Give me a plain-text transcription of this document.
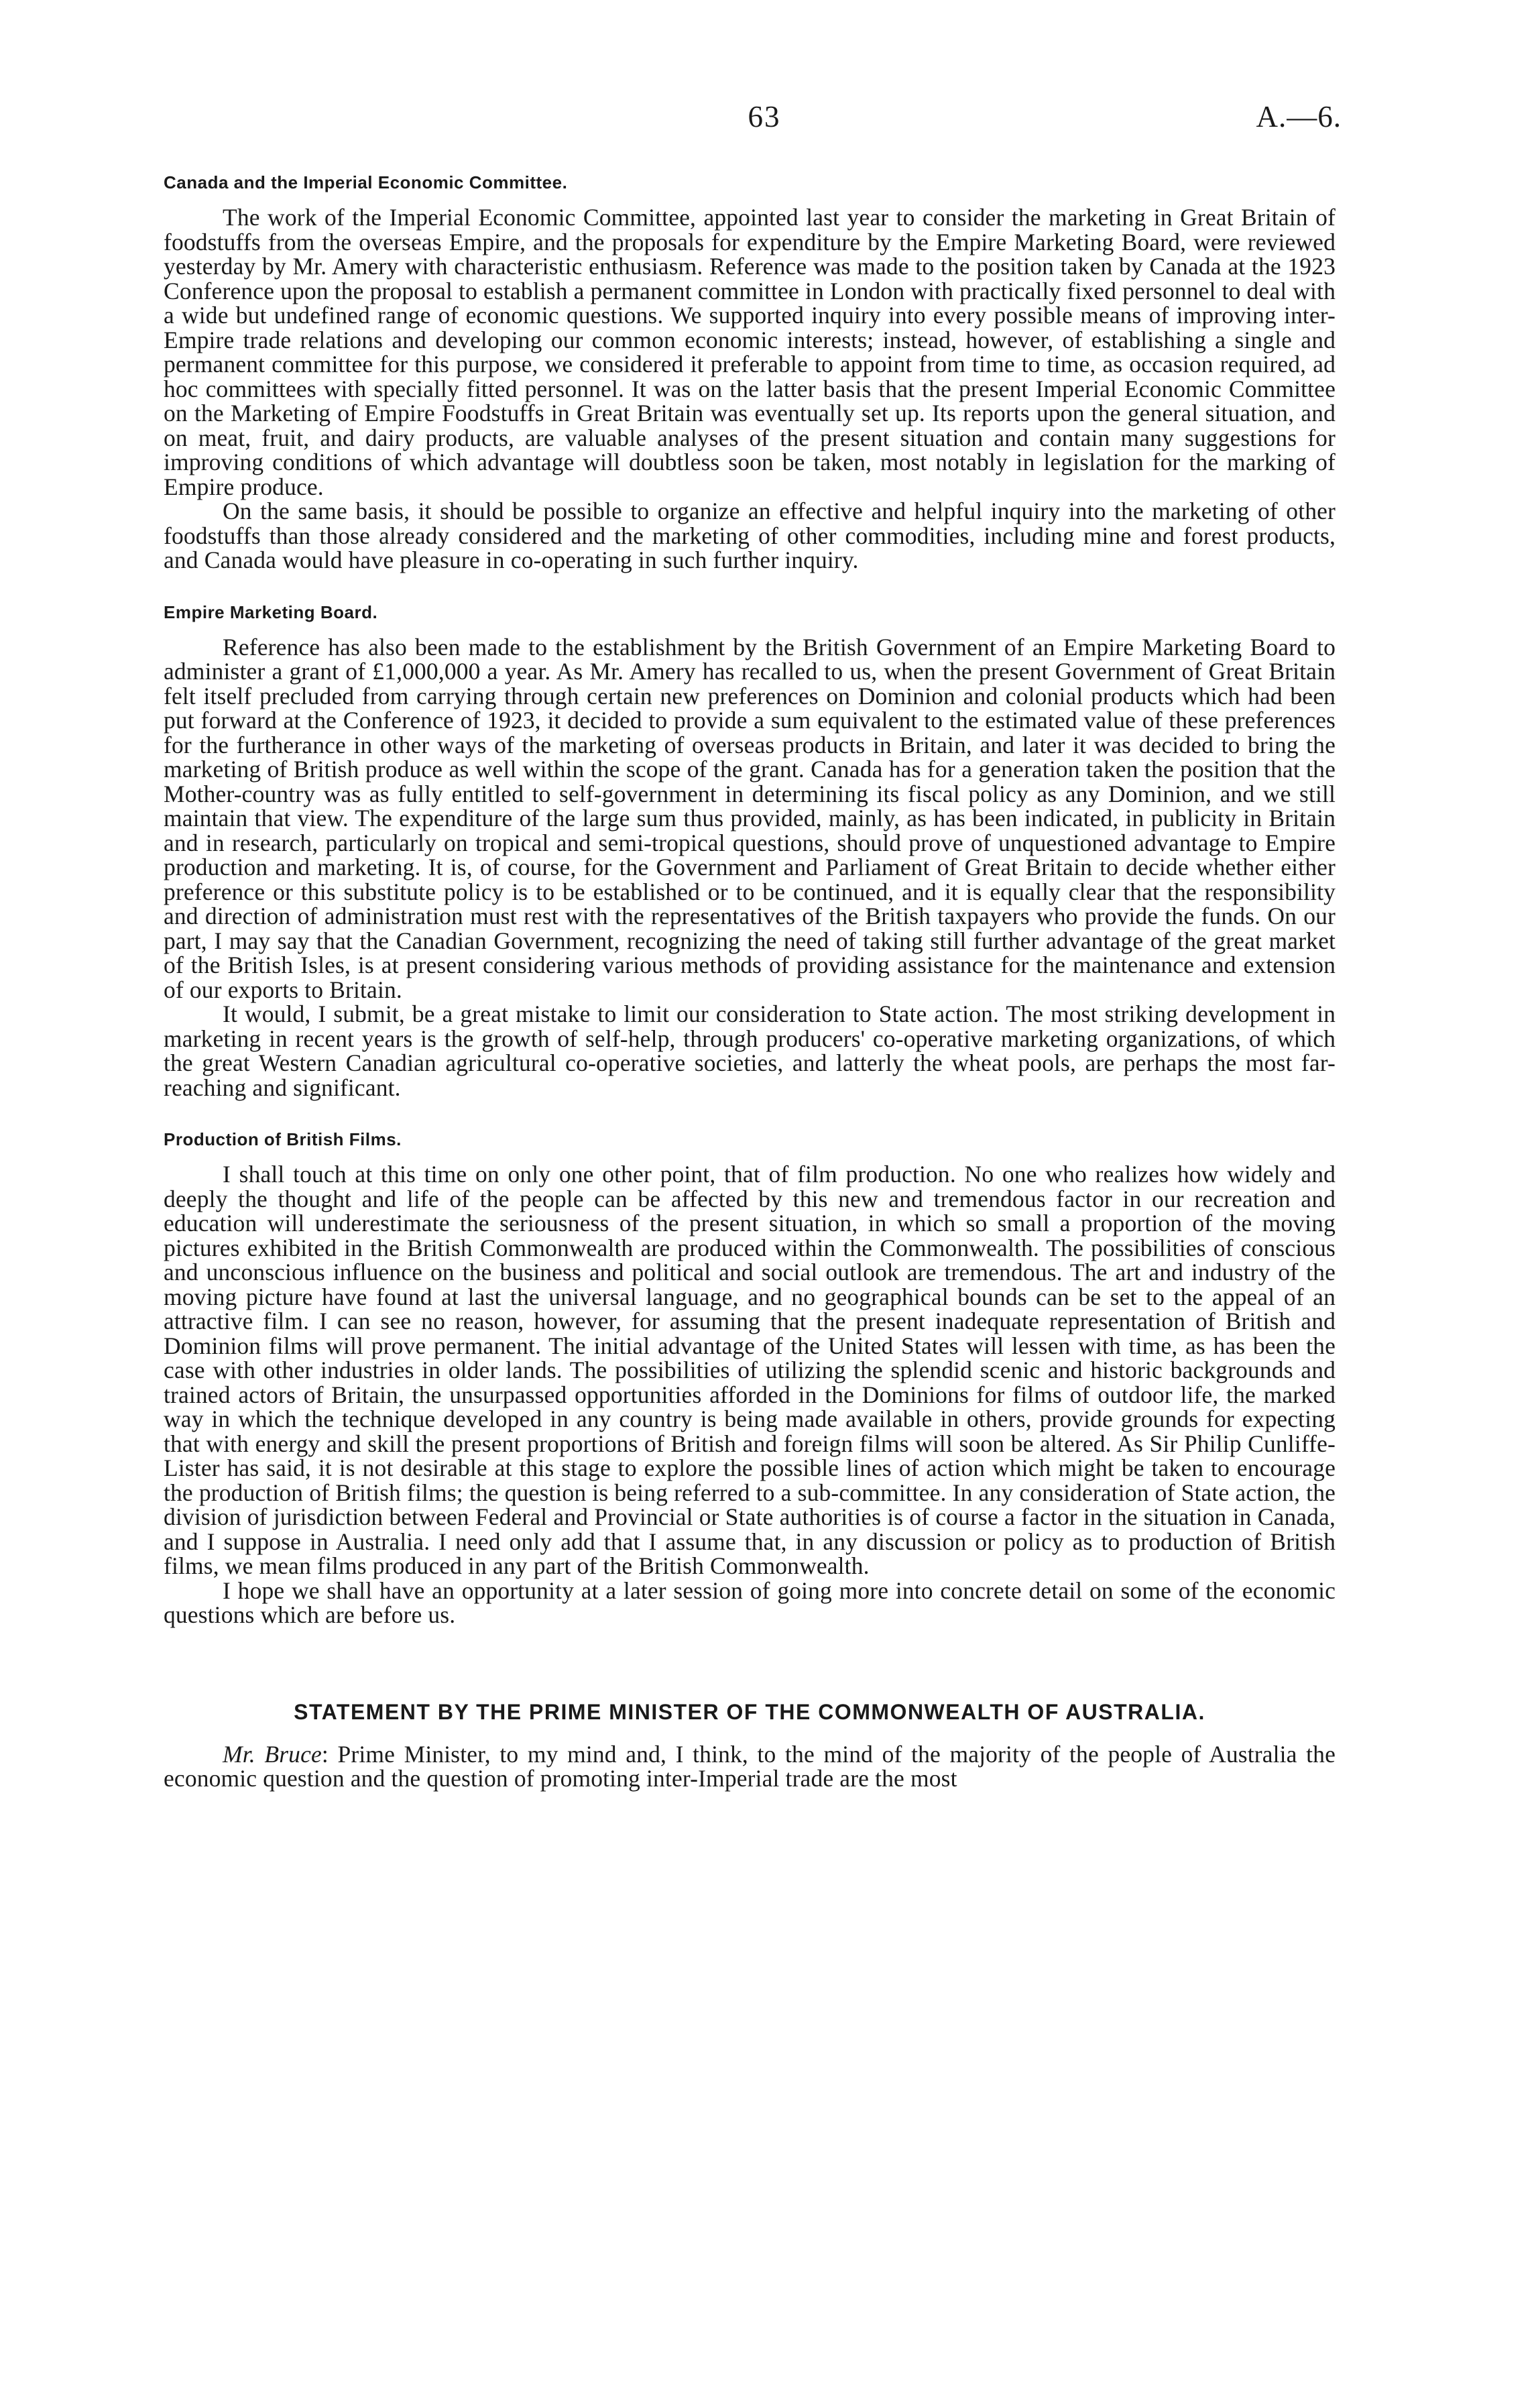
63	A.—6.
Canada and the Imperial Economic Committee.

The work of the Imperial Economic Committee, appointed last year to consider the marketing in Great Britain of foodstuffs from the overseas Empire, and the proposals for expenditure by the Empire Marketing Board, were reviewed yesterday by Mr. Amery with characteristic enthusiasm. Reference was made to the position taken by Canada at the 1923 Conference upon the proposal to establish a permanent committee in London with practically fixed personnel to deal with a wide but undefined range of economic questions. We supported inquiry into every possible means of improving inter-Empire trade relations and developing our common economic interests; instead, however, of establishing a single and permanent committee for this purpose, we considered it preferable to appoint from time to time, as occasion required, ad hoc committees with specially fitted personnel. It was on the latter basis that the present Imperial Economic Committee on the Marketing of Empire Foodstuffs in Great Britain was eventually set up. Its reports upon the general situation, and on meat, fruit, and dairy products, are valuable analyses of the present situation and contain many suggestions for improving conditions of which advantage will doubtless soon be taken, most notably in legislation for the marking of Empire produce.

On the same basis, it should be possible to organize an effective and helpful inquiry into the marketing of other foodstuffs than those already considered and the marketing of other commodities, including mine and forest products, and Canada would have pleasure in co-operating in such further inquiry.

Empire Marketing Board.

Reference has also been made to the establishment by the British Government of an Empire Marketing Board to administer a grant of £1,000,000 a year. As Mr. Amery has recalled to us, when the present Government of Great Britain felt itself precluded from carrying through certain new preferences on Dominion and colonial products which had been put forward at the Conference of 1923, it decided to provide a sum equivalent to the estimated value of these preferences for the furtherance in other ways of the marketing of overseas products in Britain, and later it was decided to bring the marketing of British produce as well within the scope of the grant. Canada has for a generation taken the position that the Mother-country was as fully entitled to self-government in determining its fiscal policy as any Dominion, and we still maintain that view. The expenditure of the large sum thus provided, mainly, as has been indicated, in publicity in Britain and in research, particularly on tropical and semi-tropical questions, should prove of unquestioned advantage to Empire production and marketing. It is, of course, for the Government and Parliament of Great Britain to decide whether either preference or this substitute policy is to be established or to be continued, and it is equally clear that the responsibility and direction of administration must rest with the representatives of the British taxpayers who provide the funds. On our part, I may say that the Canadian Government, recognizing the need of taking still further advantage of the great market of the British Isles, is at present considering various methods of providing assistance for the maintenance and extension of our exports to Britain.

It would, I submit, be a great mistake to limit our consideration to State action. The most striking development in marketing in recent years is the growth of self-help, through producers' co-operative marketing organizations, of which the great Western Canadian agricultural co-operative societies, and latterly the wheat pools, are perhaps the most far-reaching and significant.

Production of British Films.

I shall touch at this time on only one other point, that of film production. No one who realizes how widely and deeply the thought and life of the people can be affected by this new and tremendous factor in our recreation and education will underestimate the seriousness of the present situation, in which so small a proportion of the moving pictures exhibited in the British Commonwealth are produced within the Commonwealth. The possibilities of conscious and unconscious influence on the business and political and social outlook are tremendous. The art and industry of the moving picture have found at last the universal language, and no geographical bounds can be set to the appeal of an attractive film. I can see no reason, however, for assuming that the present inadequate representation of British and Dominion films will prove permanent. The initial advantage of the United States will lessen with time, as has been the case with other industries in older lands. The possibilities of utilizing the splendid scenic and historic backgrounds and trained actors of Britain, the unsurpassed opportunities afforded in the Dominions for films of outdoor life, the marked way in which the technique developed in any country is being made available in others, provide grounds for expecting that with energy and skill the present proportions of British and foreign films will soon be altered. As Sir Philip Cunliffe-Lister has said, it is not desirable at this stage to explore the possible lines of action which might be taken to encourage the production of British films; the question is being referred to a sub-committee. In any consideration of State action, the division of jurisdiction between Federal and Provincial or State authorities is of course a factor in the situation in Canada, and I suppose in Australia. I need only add that I assume that, in any discussion or policy as to production of British films, we mean films produced in any part of the British Commonwealth.

I hope we shall have an opportunity at a later session of going more into concrete detail on some of the economic questions which are before us.

STATEMENT BY THE PRIME MINISTER OF THE COMMONWEALTH OF AUSTRALIA.

Mr. Bruce: Prime Minister, to my mind and, I think, to the mind of the majority of the people of Australia the economic question and the question of promoting inter-Imperial trade are the most
